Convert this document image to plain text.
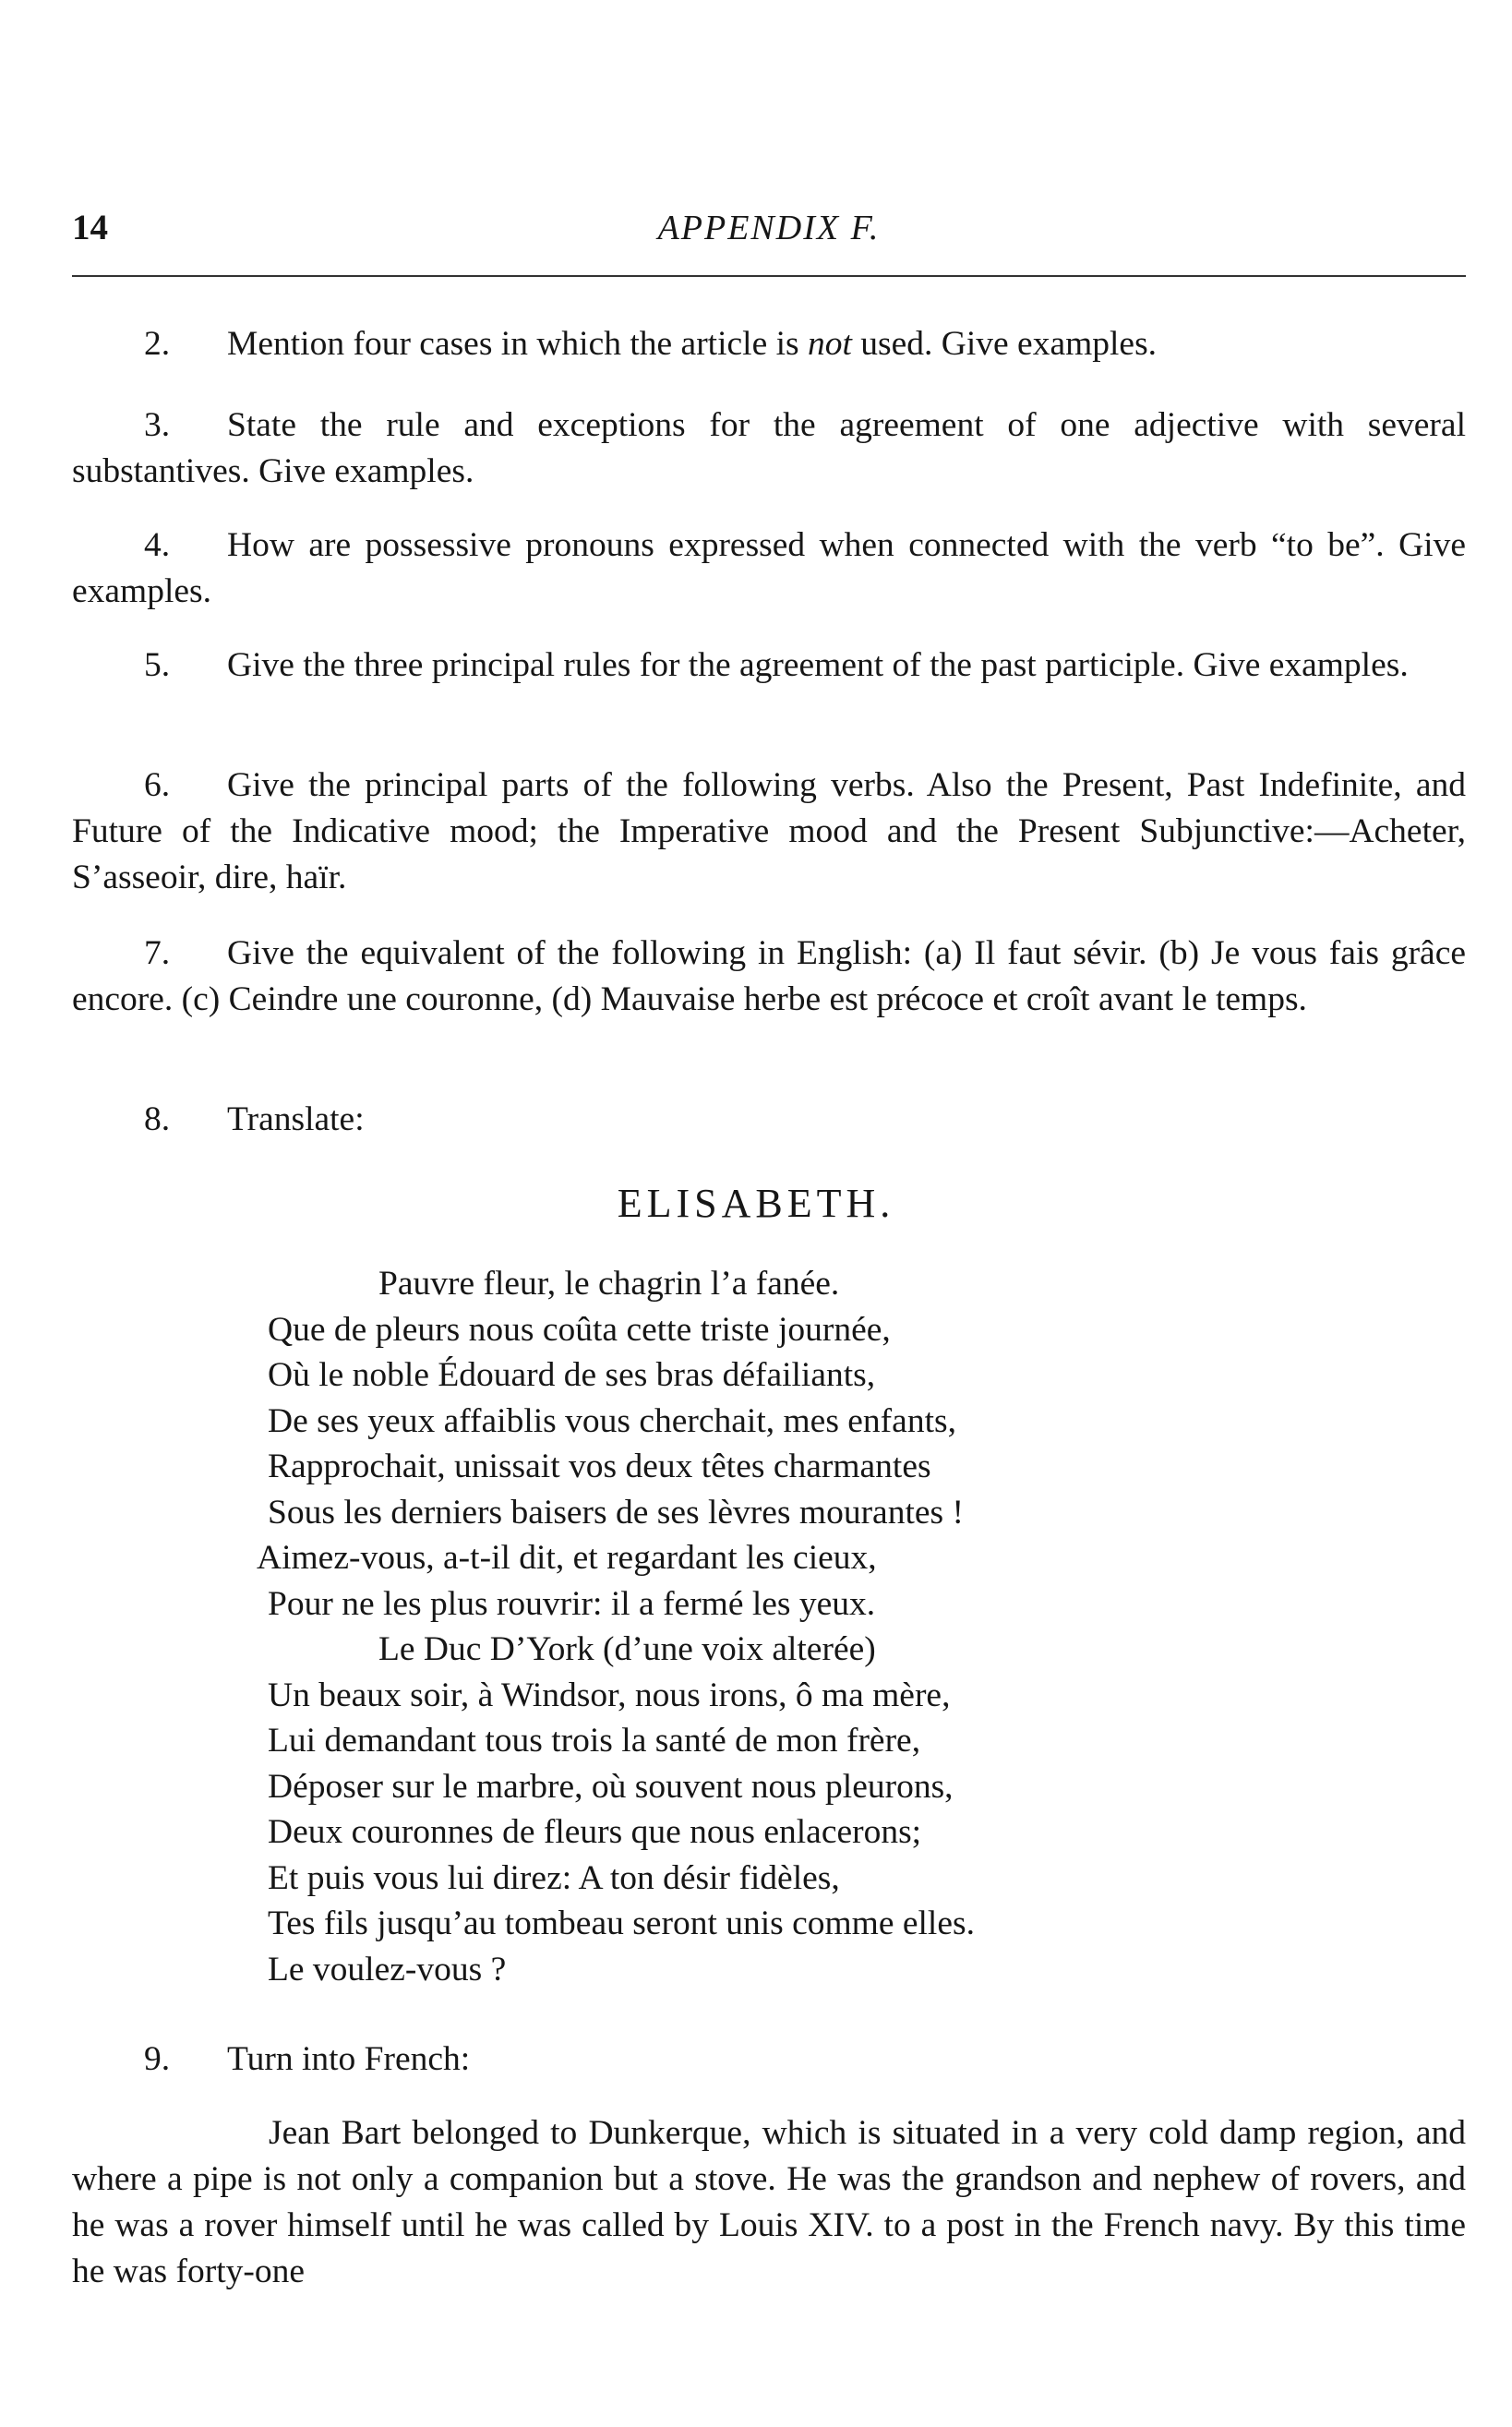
14	APPENDIX F.
2. Mention four cases in which the article is not used. Give examples.
3. State the rule and exceptions for the agreement of one adjective with several substantives. Give examples.
4. How are possessive pronouns expressed when connected with the verb “to be”. Give examples.
5. Give the three principal rules for the agreement of the past participle. Give examples.
6. Give the principal parts of the following verbs. Also the Present, Past Indefinite, and Future of the Indicative mood; the Imperative mood and the Present Subjunctive:—Acheter, S’asseoir, dire, haïr.
7. Give the equivalent of the following in English: (a) Il faut sévir. (b) Je vous fais grâce encore. (c) Ceindre une couronne, (d) Mauvaise herbe est précoce et croît avant le temps.
8. Translate:
ELISABETH.
Pauvre fleur, le chagrin l’a fanée.
Que de pleurs nous coûta cette triste journée,
Où le noble Édouard de ses bras défailiants,
De ses yeux affaiblis vous cherchait, mes enfants,
Rapprochait, unissait vos deux têtes charmantes
Sous les derniers baisers de ses lèvres mourantes !
Aimez-vous, a-t-il dit, et regardant les cieux,
Pour ne les plus rouvrir: il a fermé les yeux.
Le Duc D’York (d’une voix alterée)
Un beaux soir, à Windsor, nous irons, ô ma mère,
Lui demandant tous trois la santé de mon frère,
Déposer sur le marbre, où souvent nous pleurons,
Deux couronnes de fleurs que nous enlacerons;
Et puis vous lui direz: A ton désir fidèles,
Tes fils jusqu’au tombeau seront unis comme elles.
Le voulez-vous ?
9. Turn into French:

Jean Bart belonged to Dunkerque, which is situated in a very cold damp region, and where a pipe is not only a companion but a stove. He was the grandson and nephew of rovers, and he was a rover himself until he was called by Louis XIV. to a post in the French navy. By this time he was forty-one
